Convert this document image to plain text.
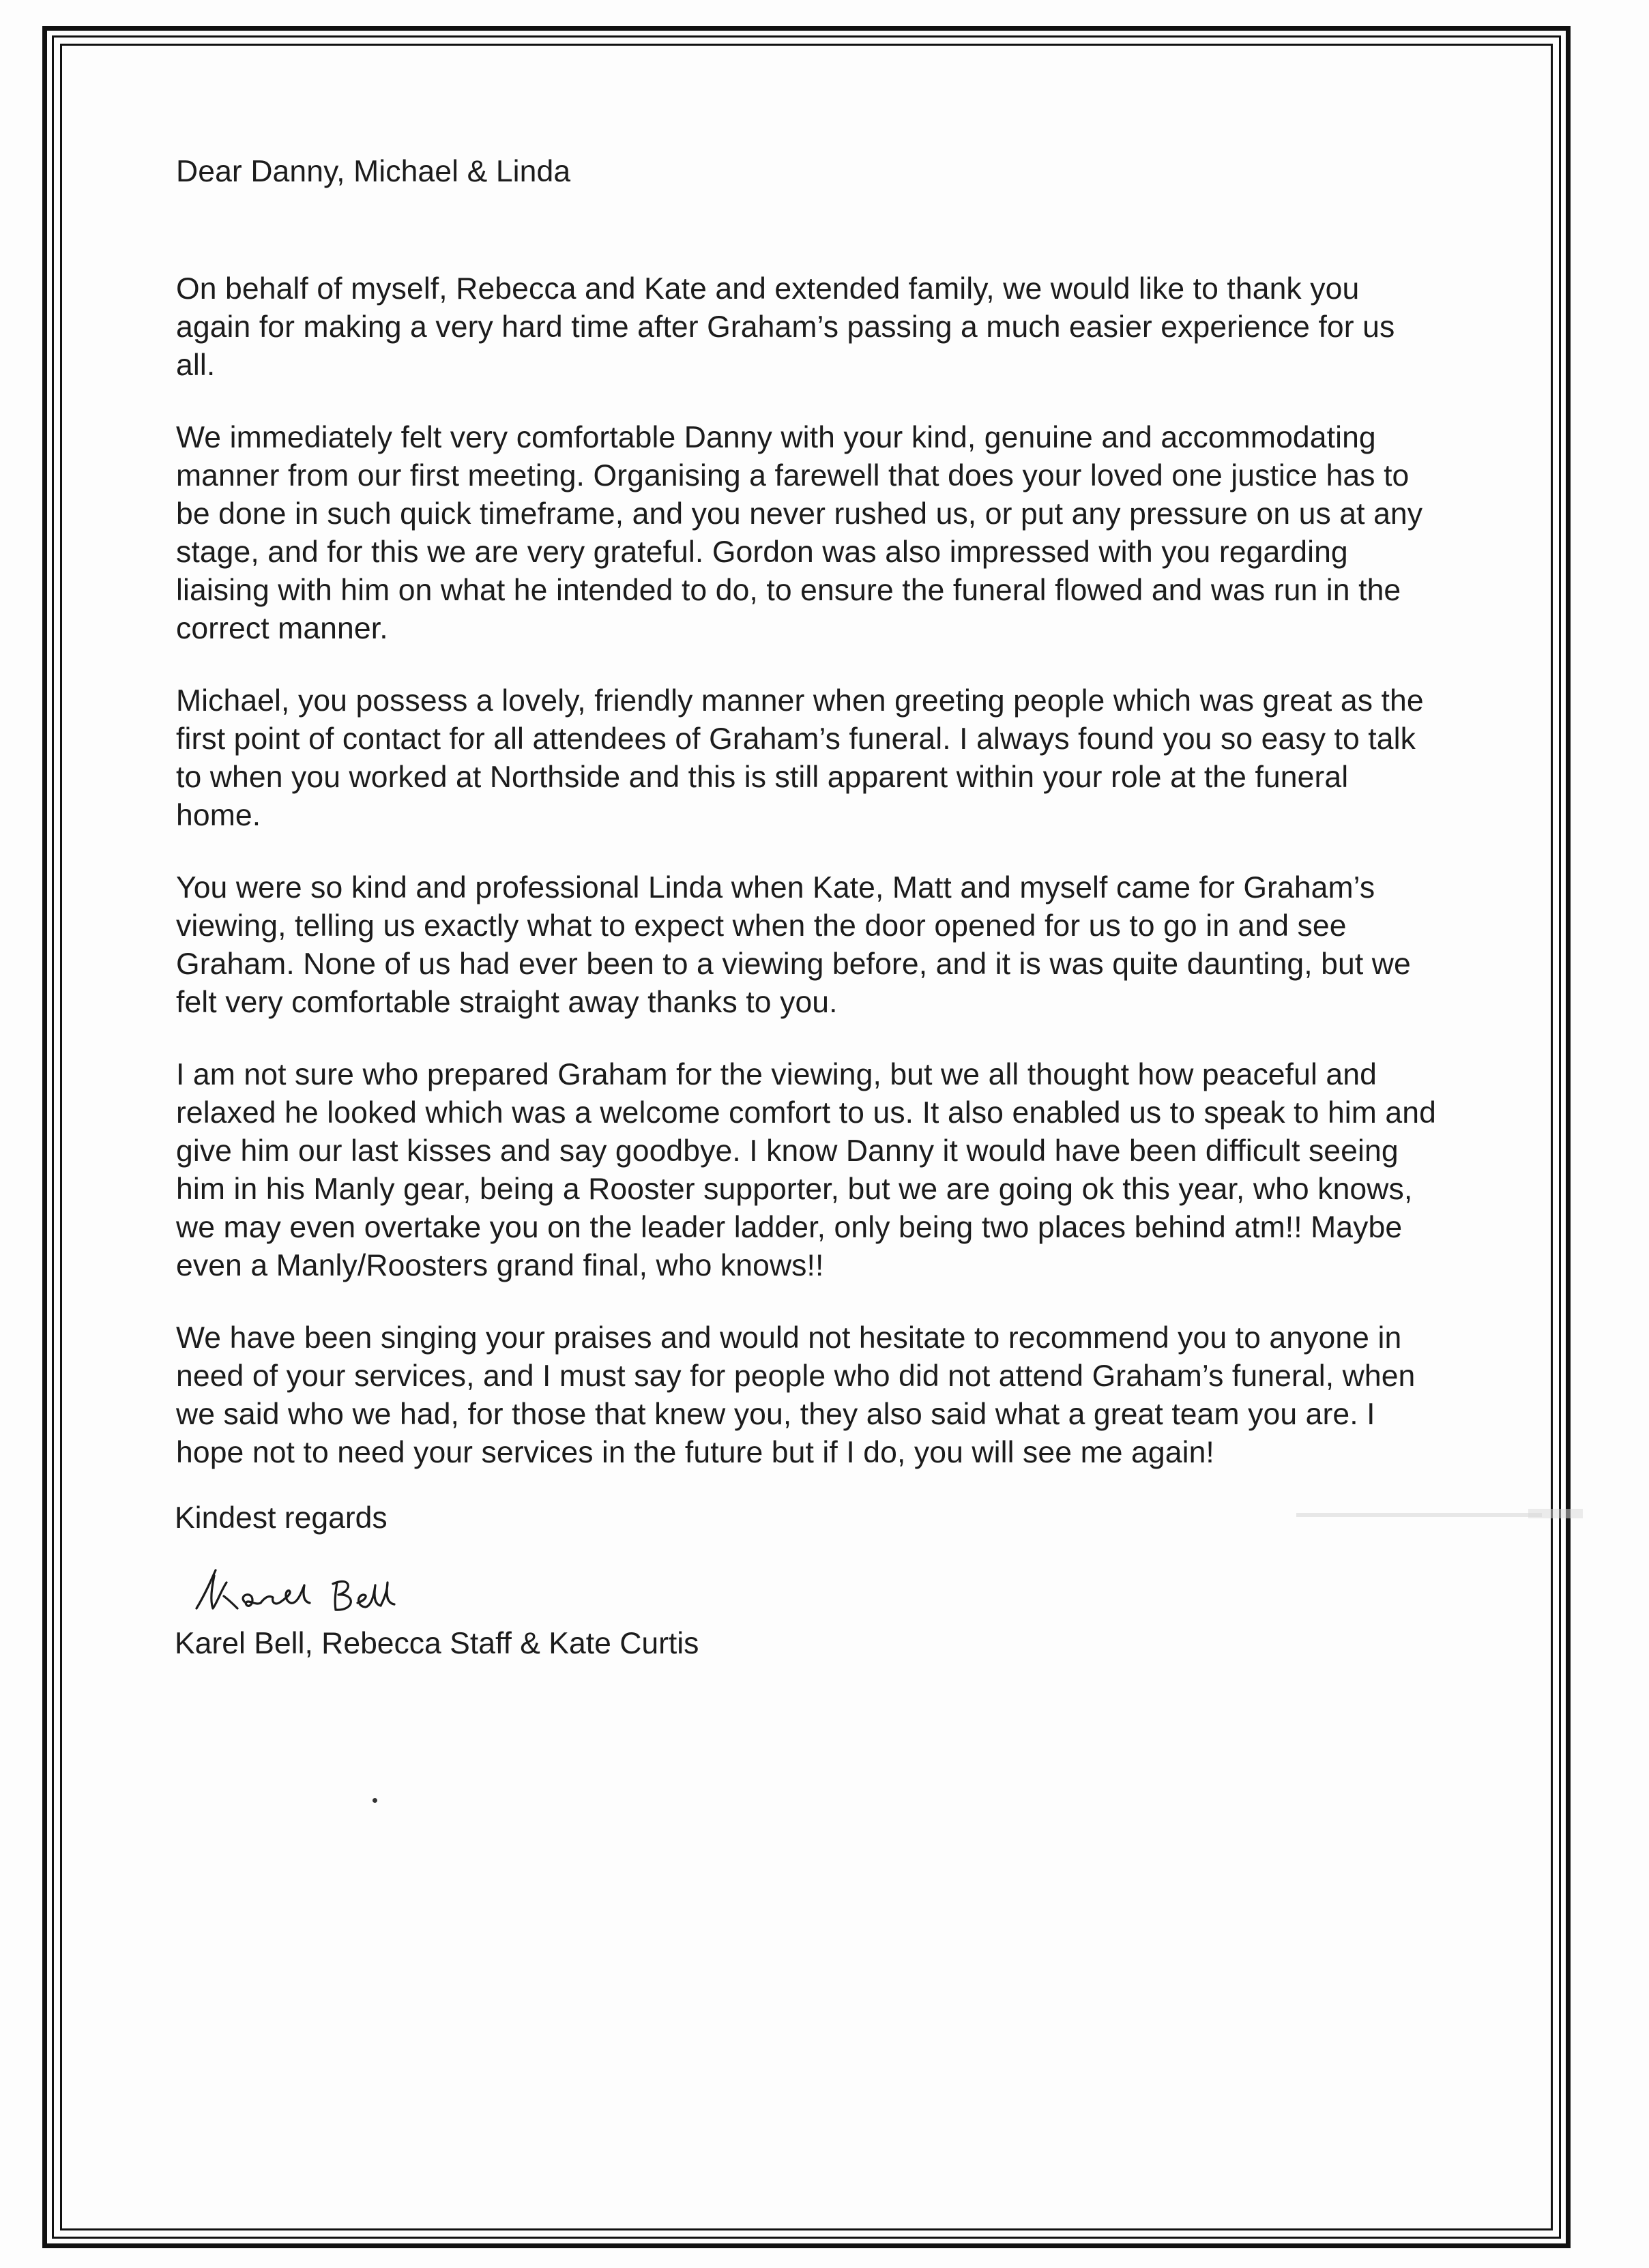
Dear Danny, Michael & Linda

On behalf of myself, Rebecca and Kate and extended family, we would like to thank you again for making a very hard time after Graham’s passing a much easier experience for us all.

We immediately felt very comfortable Danny with your kind, genuine and accommodating manner from our first meeting. Organising a farewell that does your loved one justice has to be done in such quick timeframe, and you never rushed us, or put any pressure on us at any stage, and for this we are very grateful. Gordon was also impressed with you regarding liaising with him on what he intended to do, to ensure the funeral flowed and was run in the correct manner.

Michael, you possess a lovely, friendly manner when greeting people which was great as the first point of contact for all attendees of Graham’s funeral. I always found you so easy to talk to when you worked at Northside and this is still apparent within your role at the funeral home.

You were so kind and professional Linda when Kate, Matt and myself came for Graham’s viewing, telling us exactly what to expect when the door opened for us to go in and see Graham. None of us had ever been to a viewing before, and it is was quite daunting, but we felt very comfortable straight away thanks to you.

I am not sure who prepared Graham for the viewing, but we all thought how peaceful and relaxed he looked which was a welcome comfort to us. It also enabled us to speak to him and give him our last kisses and say goodbye. I know Danny it would have been difficult seeing him in his Manly gear, being a Rooster supporter, but we are going ok this year, who knows, we may even overtake you on the leader ladder, only being two places behind atm!! Maybe even a Manly/Roosters grand final, who knows!!

We have been singing your praises and would not hesitate to recommend you to anyone in need of your services, and I must say for people who did not attend Graham’s funeral, when we said who we had, for those that knew you, they also said what a great team you are. I hope not to need your services in the future but if I do, you will see me again!

Kindest regards
Karel Bell, Rebecca Staff & Kate Curtis
